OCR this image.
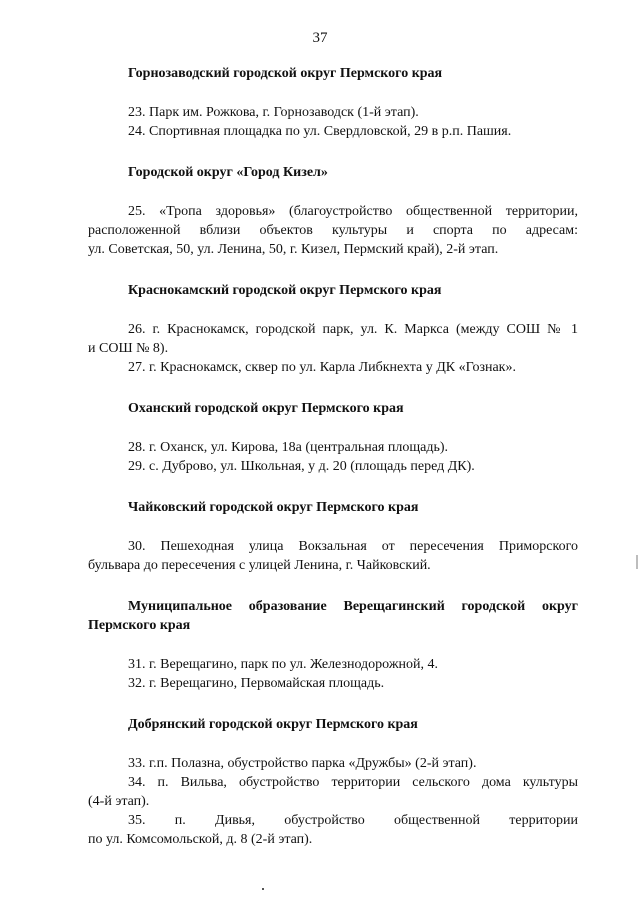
37

Горнозаводский городской округ Пермского края

23. Парк им. Рожкова, г. Горнозаводск (1-й этап).

24. Спортивная площадка по ул. Свердловской, 29 в р.п. Пашия.

Городской округ «Город Кизел»

25. «Тропа здоровья» (благоустройство общественной территории,
расположенной вблизи объектов культуры и спорта по адресам:
ул. Советская, 50, ул. Ленина, 50, г. Кизел, Пермский край), 2-й этап.

Краснокамский городской округ Пермского края

26. г. Краснокамск, городской парк, ул. К. Маркса (между СОШ № 1
и СОШ № 8).

27. г. Краснокамск, сквер по ул. Карла Либкнехта у ДК «Гознак».

Оханский городской округ Пермского края

28. г. Оханск, ул. Кирова, 18а (центральная площадь).

29. с. Дуброво, ул. Школьная, у д. 20 (площадь перед ДК).

Чайковский городской округ Пермского края

30. Пешеходная улица Вокзальная от пересечения Приморского
бульвара до пересечения с улицей Ленина, г. Чайковский.
Муниципальное образование Верещагинский городской округ
Пермского края

31. г. Верещагино, парк по ул. Железнодорожной, 4.

32. г. Верещагино, Первомайская площадь.

Добрянский городской округ Пермского края

33. г.п. Полазна, обустройство парка «Дружбы» (2-й этап).

34. п. Вильва, обустройство территории сельского дома культуры
(4-й этап).
35. п. Дивья, обустройство общественной территории
по ул. Комсомольской, д. 8 (2-й этап).
